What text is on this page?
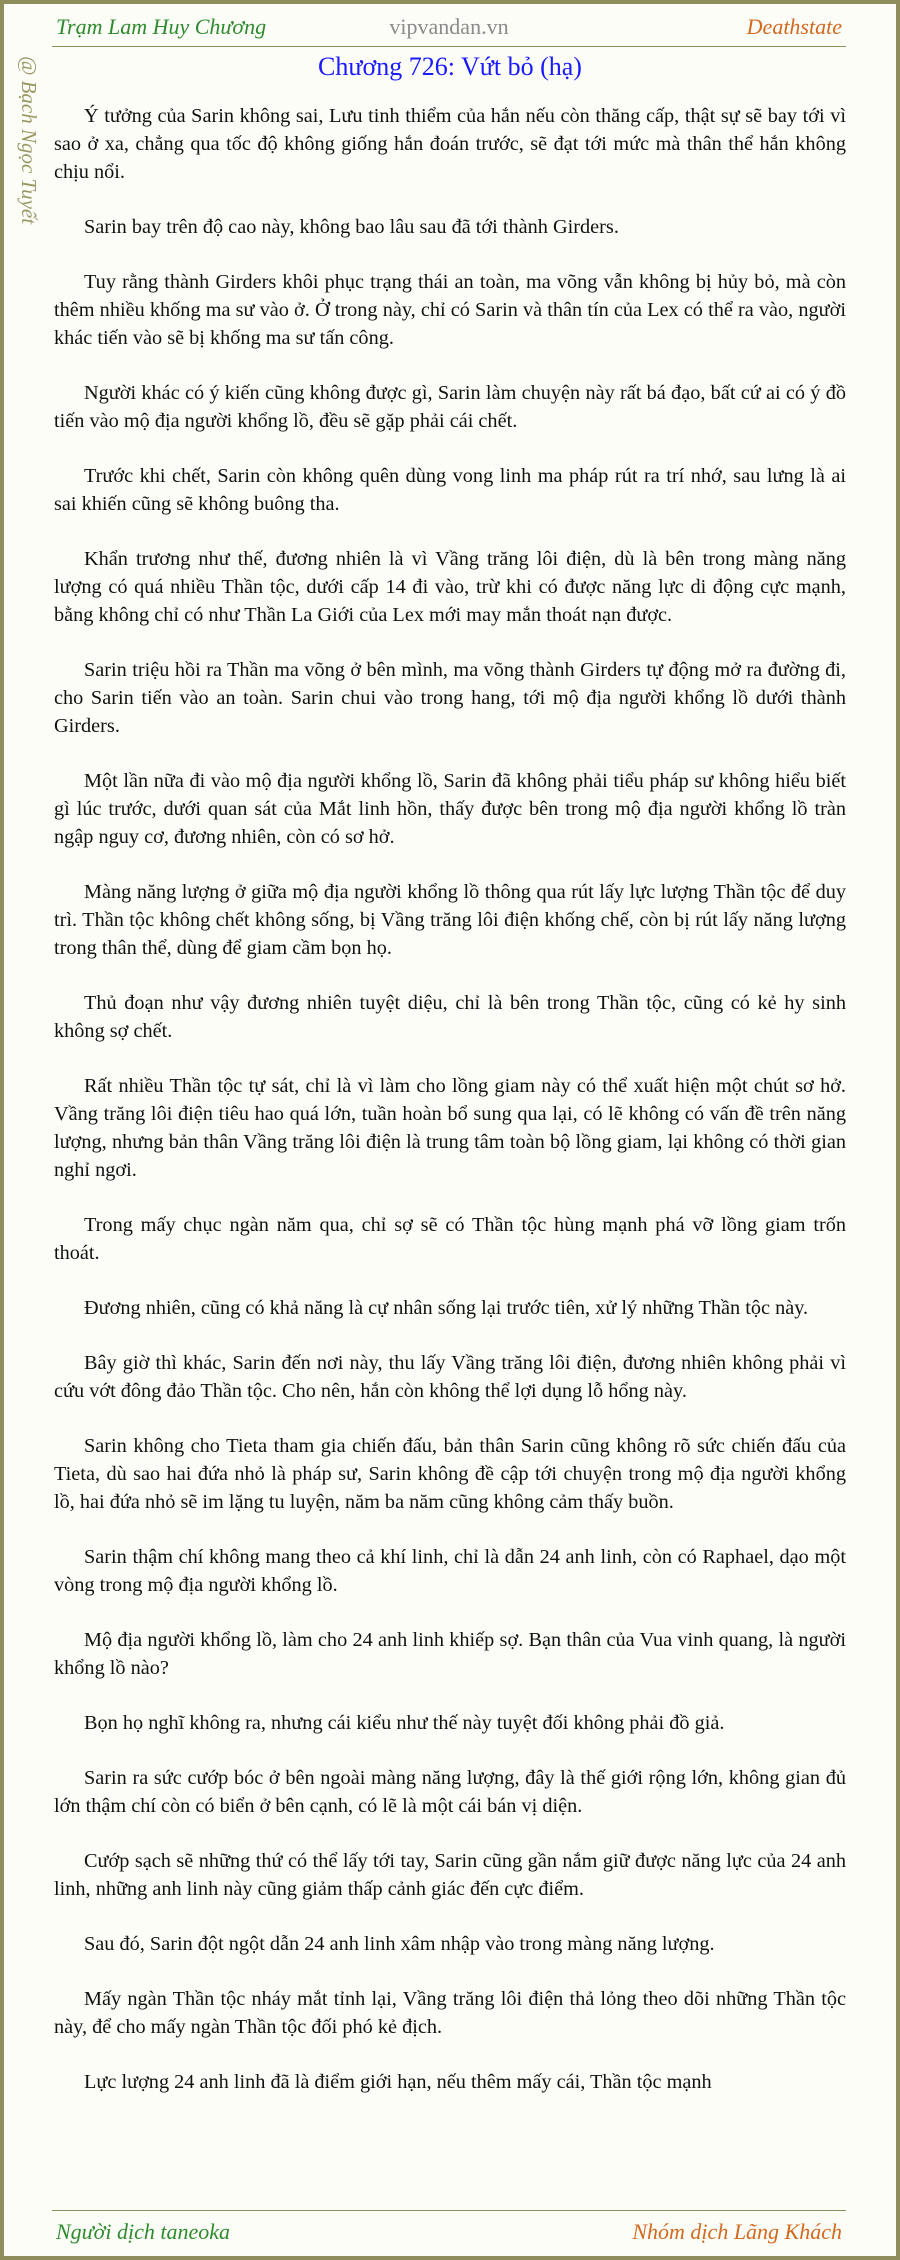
Trạm Lam Huy Chương	vipvandan.vn	Deathstate
@ Bạch Ngọc Tuyết	Chương 726: Vứt bỏ (hạ)

Ý tưởng của Sarin không sai, Lưu tinh thiểm của hắn nếu còn thăng cấp, thật sự sẽ bay tới vì sao ở xa, chẳng qua tốc độ không giống hắn đoán trước, sẽ đạt tới mức mà thân thể hắn không chịu nổi.

Sarin bay trên độ cao này, không bao lâu sau đã tới thành Girders.

Tuy rằng thành Girders khôi phục trạng thái an toàn, ma võng vẫn không bị hủy bỏ, mà còn thêm nhiều khống ma sư vào ở. Ở trong này, chỉ có Sarin và thân tín của Lex có thể ra vào, người khác tiến vào sẽ bị khống ma sư tấn công.

Người khác có ý kiến cũng không được gì, Sarin làm chuyện này rất bá đạo, bất cứ ai có ý đồ tiến vào mộ địa người khổng lồ, đều sẽ gặp phải cái chết.

Trước khi chết, Sarin còn không quên dùng vong linh ma pháp rút ra trí nhớ, sau lưng là ai sai khiến cũng sẽ không buông tha.

Khẩn trương như thế, đương nhiên là vì Vầng trăng lôi điện, dù là bên trong màng năng lượng có quá nhiều Thần tộc, dưới cấp 14 đi vào, trừ khi có được năng lực di động cực mạnh, bằng không chỉ có như Thần La Giới của Lex mới may mắn thoát nạn được.

Sarin triệu hồi ra Thần ma võng ở bên mình, ma võng thành Girders tự động mở ra đường đi, cho Sarin tiến vào an toàn. Sarin chui vào trong hang, tới mộ địa người khổng lồ dưới thành Girders.

Một lần nữa đi vào mộ địa người khổng lồ, Sarin đã không phải tiểu pháp sư không hiểu biết gì lúc trước, dưới quan sát của Mắt linh hồn, thấy được bên trong mộ địa người khổng lồ tràn ngập nguy cơ, đương nhiên, còn có sơ hở.

Màng năng lượng ở giữa mộ địa người khổng lồ thông qua rút lấy lực lượng Thần tộc để duy trì. Thần tộc không chết không sống, bị Vầng trăng lôi điện khống chế, còn bị rút lấy năng lượng trong thân thể, dùng để giam cầm bọn họ.

Thủ đoạn như vậy đương nhiên tuyệt diệu, chỉ là bên trong Thần tộc, cũng có kẻ hy sinh không sợ chết.

Rất nhiều Thần tộc tự sát, chỉ là vì làm cho lồng giam này có thể xuất hiện một chút sơ hở. Vầng trăng lôi điện tiêu hao quá lớn, tuần hoàn bổ sung qua lại, có lẽ không có vấn đề trên năng lượng, nhưng bản thân Vầng trăng lôi điện là trung tâm toàn bộ lồng giam, lại không có thời gian nghỉ ngơi.

Trong mấy chục ngàn năm qua, chỉ sợ sẽ có Thần tộc hùng mạnh phá vỡ lồng giam trốn thoát.

Đương nhiên, cũng có khả năng là cự nhân sống lại trước tiên, xử lý những Thần tộc này.

Bây giờ thì khác, Sarin đến nơi này, thu lấy Vầng trăng lôi điện, đương nhiên không phải vì cứu vớt đông đảo Thần tộc. Cho nên, hắn còn không thể lợi dụng lỗ hổng này.

Sarin không cho Tieta tham gia chiến đấu, bản thân Sarin cũng không rõ sức chiến đấu của Tieta, dù sao hai đứa nhỏ là pháp sư, Sarin không đề cập tới chuyện trong mộ địa người khổng lồ, hai đứa nhỏ sẽ im lặng tu luyện, năm ba năm cũng không cảm thấy buồn.

Sarin thậm chí không mang theo cả khí linh, chỉ là dẫn 24 anh linh, còn có Raphael, dạo một vòng trong mộ địa người khổng lồ.

Mộ địa người khổng lồ, làm cho 24 anh linh khiếp sợ. Bạn thân của Vua vinh quang, là người khổng lồ nào?

Bọn họ nghĩ không ra, nhưng cái kiểu như thế này tuyệt đối không phải đồ giả.

Sarin ra sức cướp bóc ở bên ngoài màng năng lượng, đây là thế giới rộng lớn, không gian đủ lớn thậm chí còn có biển ở bên cạnh, có lẽ là một cái bán vị diện.

Cướp sạch sẽ những thứ có thể lấy tới tay, Sarin cũng gần nắm giữ được năng lực của 24 anh linh, những anh linh này cũng giảm thấp cảnh giác đến cực điểm.

Sau đó, Sarin đột ngột dẫn 24 anh linh xâm nhập vào trong màng năng lượng.

Mấy ngàn Thần tộc nháy mắt tỉnh lại, Vầng trăng lôi điện thả lỏng theo dõi những Thần tộc này, để cho mấy ngàn Thần tộc đối phó kẻ địch.

Lực lượng 24 anh linh đã là điểm giới hạn, nếu thêm mấy cái, Thần tộc mạnh

Người dịch taneoka	Nhóm dịch Lãng Khách
